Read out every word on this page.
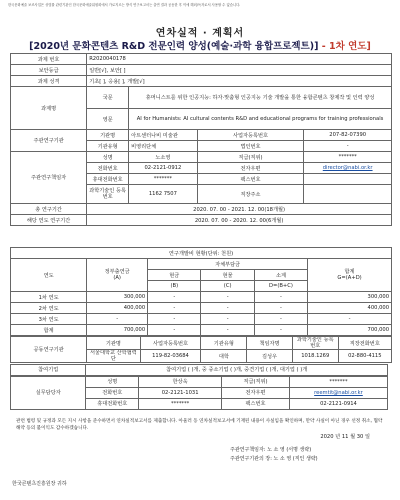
한국문화예술 보조사업은 상법률 관련기관인 한국문화예술위원회에서 가로지르는 방식 연구보고서는 출연 결과 공동한 후 이에 해외/독자로서 사용할 수 없습니다.
연차실적 · 계획서
[2020년 문화콘텐츠 R&D 전문인력 양성(예술·과학 융합프로젝트)] - 1차 연도]
과제 번호	R2020040178			
보안등급	일반[√], 보안[ ]			
과제 성격	기초[ ], 응용[ ], 개발[√]			
과제명	국문	휴머니스트를 위한 인공지능: 하자·맞춤형 인공지능 기술 개발을 통한 융합콘텐츠 창제작 및 인력 양성		
	영문	AI for Humanists: AI cultural contents R&D and educational programs for training professionals		
주관연구기관	기관명	아트센터나비 미술관	사업자등록번호	207-82-07390
	기관유형	비영리단체	법인번호	-
주관연구책임자	성명	노소영	직급(직위)	*******
	전화번호	02-2121-0912	전자우편	director@nabi.or.kr
	휴대전화번호	*******	팩스번호	
	과학기술인 등록번호	1162 7507	직장주소	
총 연구기간	2020. 07. 00 - 2021. 12. 00(18개월)			
해당 연도 연구기간	2020. 07. 00 - 2020. 12. 00(6개월)			
연구개발비 현황(단위: 천원)					
연도	정부출연금
(A)	자체부담금			합계
G=(A+D)
		현금	현물	소계	
		(B)	(C)	D=(B+C)	
1차 연도	300,000	-	-	-	300,000
2차 연도	400,000	-	-	-	400,000
3차 연도	-	-	-	-	-
합계	700,000	-	-	-	700,000
공동연구기관	기관명	사업자등록번호	기관유형	책임자명	과학기술인 등록번호	직장전화번호
	서울대학교 산학협력단	119-82-03684	대학	김성우	1018.1269	02-880-4115
참여기업	참여기업 ( )개, 중 중소기업 ( )개, 중견기업 ( )개, 대기업 ( )개
실무담당자	성명	한상욱	직급(직위)	*******
	전화번호	02-2121-1031	전자우편	reemtit@nabi.or.kr
	휴대전화번호	*******	팩스번호	02-2121-0914
관련 법령 및 규정과 모든 지시 사항을 준수하면서 연차실적보고서를 제출합니다. 아울러 동 연차실적보고서에 기재된 내용이 사실임을 확인하며, 만약 사실이 아닌 경우 선정 취소, 협약 해약 등의 불이익도 감수하겠습니다.
2020 년 11 월 30 일
주관연구책임자: 노 소 영 (서명 생략)
주관연구기관의 장: 노 소 영 (직인 생략)
한국콘텐츠진흥원장 귀하
